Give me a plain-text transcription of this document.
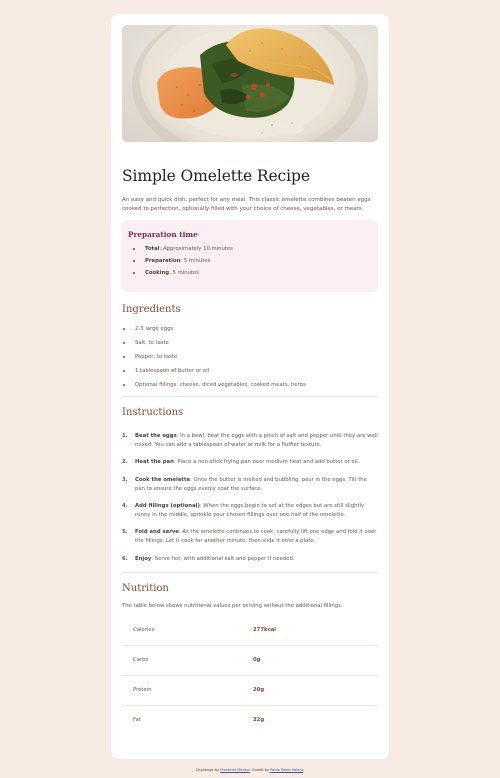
Simple Omelette Recipe

An easy and quick dish, perfect for any meal. This classic omelette combines beaten eggs cooked to perfection, optionally filled with your choice of cheese, vegetables, or meats.

Preparation time
Total: Approximately 10 minutes
Preparation: 5 minutes
Cooking: 5 minutes
Ingredients
2-3 large eggs
Salt, to taste
Pepper, to taste
1 tablespoon of butter or oil
Optional fillings: cheese, diced vegetables, cooked meats, herbs
Instructions
1. Beat the eggs: In a bowl, beat the eggs with a pinch of salt and pepper until they are well mixed. You can add a tablespoon of water or milk for a fluffier texture.
2. Heat the pan: Place a non-stick frying pan over medium heat and add butter or oil.
3. Cook the omelette: Once the butter is melted and bubbling, pour in the eggs. Tilt the pan to ensure the eggs evenly coat the surface.
4. Add fillings (optional): When the eggs begin to set at the edges but are still slightly runny in the middle, sprinkle your chosen fillings over one half of the omelette.
5. Fold and serve: As the omelette continues to cook, carefully lift one edge and fold it over the fillings. Let it cook for another minute, then slide it onto a plate.
6. Enjoy: Serve hot, with additional salt and pepper if needed.
Nutrition

The table below shows nutritional values per serving without the additional fillings.

Calories	277kcal
Carbs	0g
Protein	20g
Fat	22g
Challenge by Frontend Mentor. Coded by Pablo Pablo Salera.
